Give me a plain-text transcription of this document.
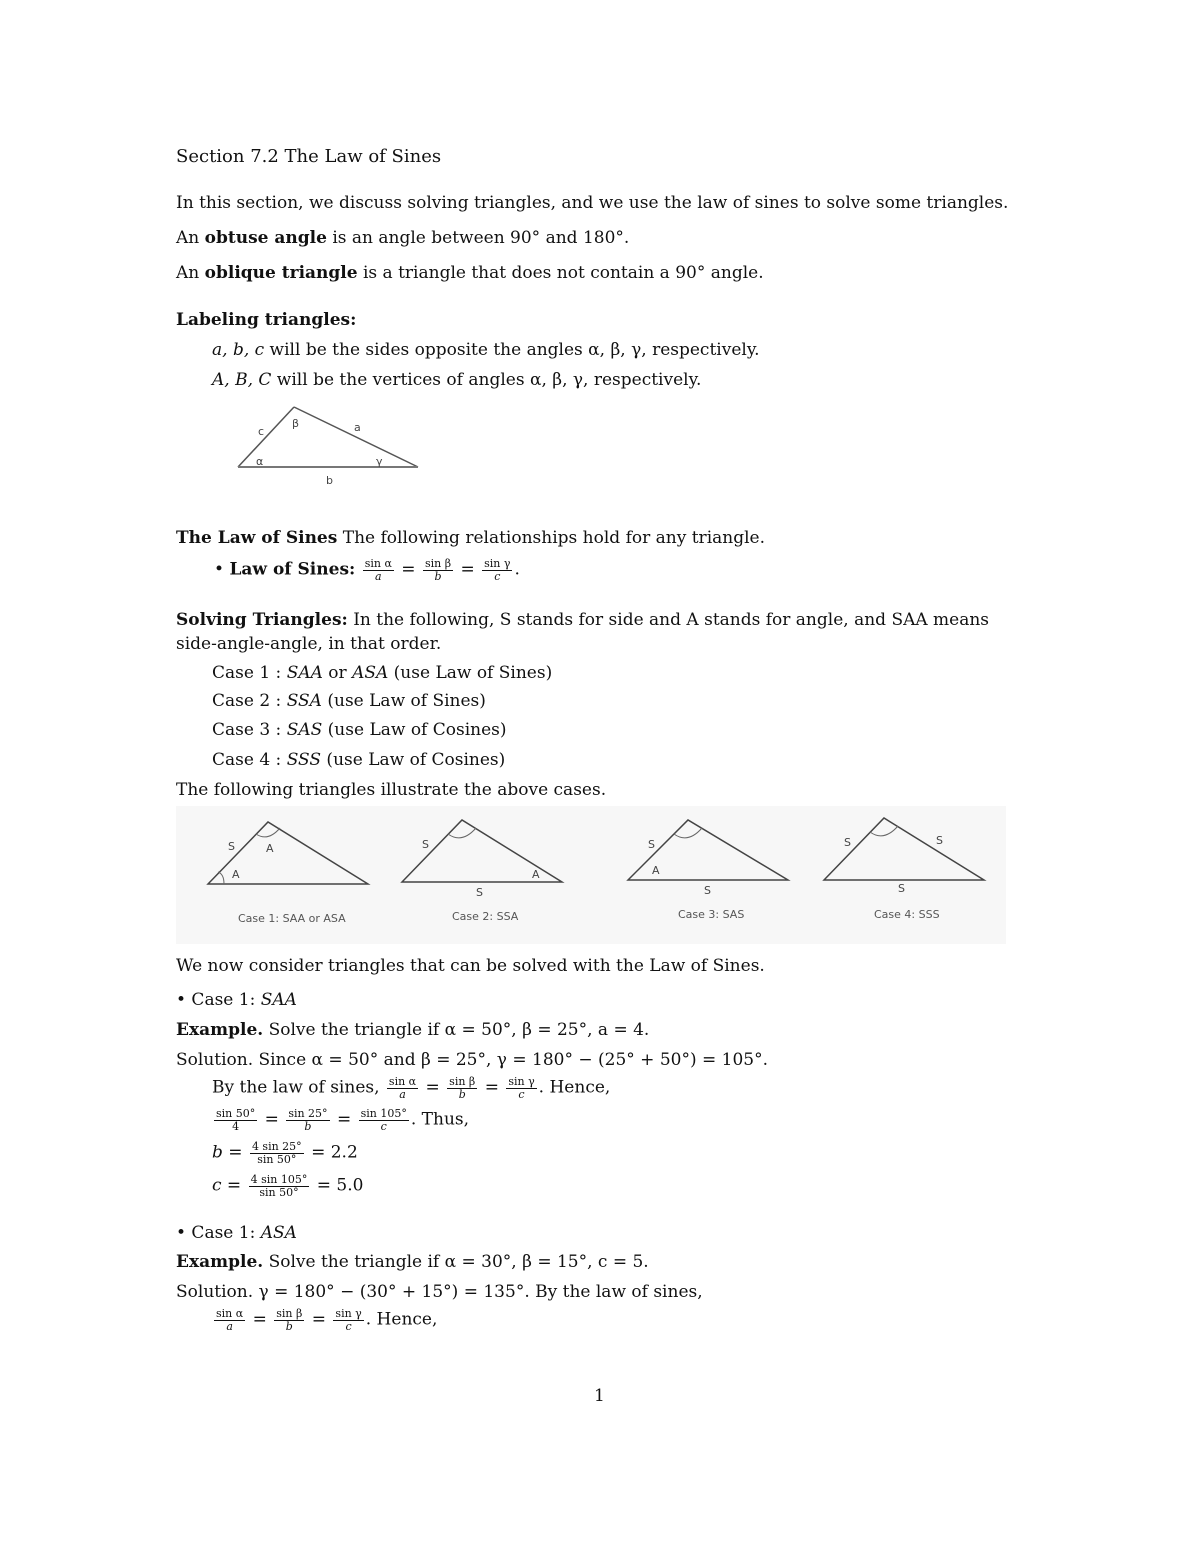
Section 7.2 The Law of Sines
In this section, we discuss solving triangles, and we use the law of sines to solve some triangles.
An obtuse angle is an angle between 90° and 180°.
An oblique triangle is a triangle that does not contain a 90° angle.
Labeling triangles:
a, b, c will be the sides opposite the angles α, β, γ, respectively.
A, B, C will be the vertices of angles α, β, γ, respectively.
c
β	a
α	γ
b
The Law of Sines The following relationships hold for any triangle.
• Law of Sines: $\frac{\text{sin α}}{a} = \frac{\text{sin β}}{b} = \frac{\text{sin γ}}{c}$ .
Solving Triangles: In the following, S stands for side and A stands for angle, and SAA means
side-angle-angle, in that order.
Case 1 : SAA or ASA (use Law of Sines)
Case 2 : SSA (use Law of Sines)
Case 3 : SAS (use Law of Cosines)
Case 4 : SSS (use Law of Cosines)
The following triangles illustrate the above cases.
S	A
A
Case 1: SAA or ASA
S
S
A
Case 2: SSA
S
A
S
Case 3: SAS
S	S
S
Case 4: SSS
We now consider triangles that can be solved with the Law of Sines.
• Case 1: SAA
Example. Solve the triangle if α = 50°, β = 25°, a = 4.
Solution. Since α = 50° and β = 25°, γ = 180° − (25° + 50°) = 105°.
By the law of sines, $\frac{\text{sin α}}{a} = \frac{\text{sin β}}{b} = \frac{\text{sin γ}}{c}$ . Hence,
$\frac{\sin 50^\circ}{4} = \frac{\sin 25^\circ}{b} = \frac{\sin 105^\circ}{c}$ . Thus,
$b = \frac{4 \sin 25^\circ}{\sin 50^\circ} = 2.2$
$c = \frac{4 \sin 105^\circ}{\sin 50^\circ} = 5.0$
• Case 1: ASA
Example. Solve the triangle if α = 30°, β = 15°, c = 5.
Solution. γ = 180° − (30° + 15°) = 135°. By the law of sines,
$\frac{\text{sin α}}{a} = \frac{\text{sin β}}{b} = \frac{\text{sin γ}}{c}$ . Hence,
1
